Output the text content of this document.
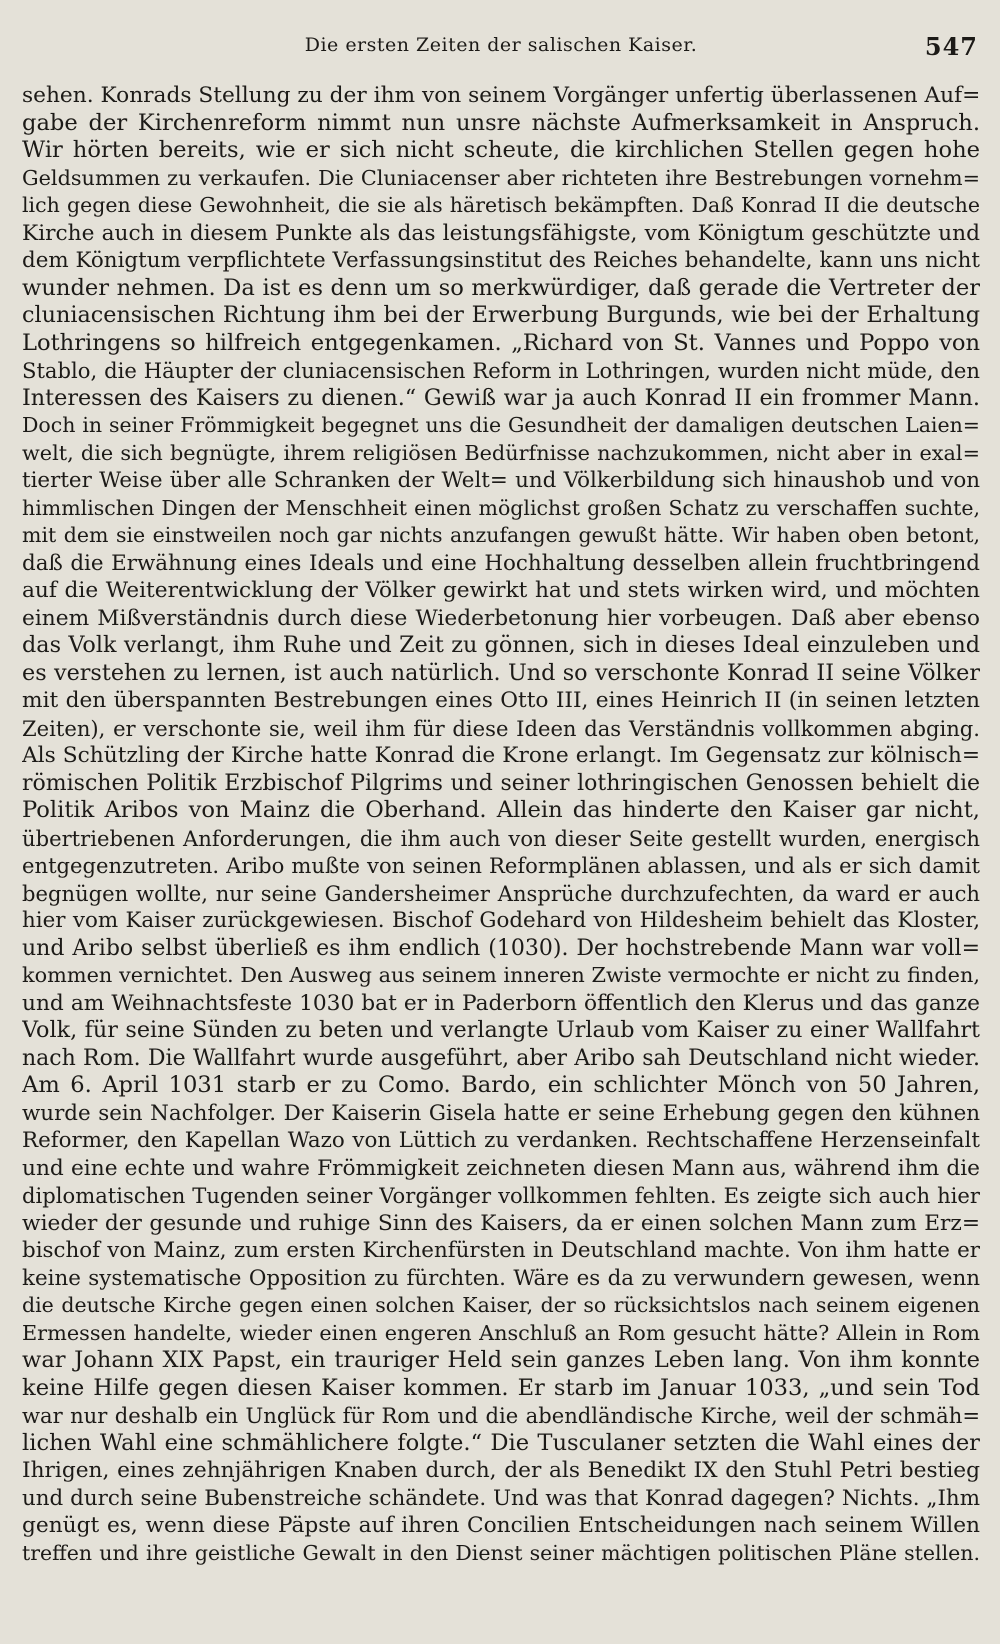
Die ersten Zeiten der salischen Kaiser.	547
sehen. Konrads Stellung zu der ihm von seinem Vorgänger unfertig überlassenen Auf=
gabe der Kirchenreform nimmt nun unsre nächste Aufmerksamkeit in Anspruch.
Wir hörten bereits, wie er sich nicht scheute, die kirchlichen Stellen gegen hohe
Geldsummen zu verkaufen. Die Cluniacenser aber richteten ihre Bestrebungen vornehm=
lich gegen diese Gewohnheit, die sie als häretisch bekämpften. Daß Konrad II die deutsche
Kirche auch in diesem Punkte als das leistungsfähigste, vom Königtum geschützte und
dem Königtum verpflichtete Verfassungsinstitut des Reiches behandelte, kann uns nicht
wunder nehmen. Da ist es denn um so merkwürdiger, daß gerade die Vertreter der
cluniacensischen Richtung ihm bei der Erwerbung Burgunds, wie bei der Erhaltung
Lothringens so hilfreich entgegenkamen. „Richard von St. Vannes und Poppo von
Stablo, die Häupter der cluniacensischen Reform in Lothringen, wurden nicht müde, den
Interessen des Kaisers zu dienen.“ Gewiß war ja auch Konrad II ein frommer Mann.
Doch in seiner Frömmigkeit begegnet uns die Gesundheit der damaligen deutschen Laien=
welt, die sich begnügte, ihrem religiösen Bedürfnisse nachzukommen, nicht aber in exal=
tierter Weise über alle Schranken der Welt= und Völkerbildung sich hinaushob und von
himmlischen Dingen der Menschheit einen möglichst großen Schatz zu verschaffen suchte,
mit dem sie einstweilen noch gar nichts anzufangen gewußt hätte. Wir haben oben betont,
daß die Erwähnung eines Ideals und eine Hochhaltung desselben allein fruchtbringend
auf die Weiterentwicklung der Völker gewirkt hat und stets wirken wird, und möchten
einem Mißverständnis durch diese Wiederbetonung hier vorbeugen. Daß aber ebenso
das Volk verlangt, ihm Ruhe und Zeit zu gönnen, sich in dieses Ideal einzuleben und
es verstehen zu lernen, ist auch natürlich. Und so verschonte Konrad II seine Völker
mit den überspannten Bestrebungen eines Otto III, eines Heinrich II (in seinen letzten
Zeiten), er verschonte sie, weil ihm für diese Ideen das Verständnis vollkommen abging.
Als Schützling der Kirche hatte Konrad die Krone erlangt. Im Gegensatz zur kölnisch=
römischen Politik Erzbischof Pilgrims und seiner lothringischen Genossen behielt die
Politik Aribos von Mainz die Oberhand. Allein das hinderte den Kaiser gar nicht,
übertriebenen Anforderungen, die ihm auch von dieser Seite gestellt wurden, energisch
entgegenzutreten. Aribo mußte von seinen Reformplänen ablassen, und als er sich damit
begnügen wollte, nur seine Gandersheimer Ansprüche durchzufechten, da ward er auch
hier vom Kaiser zurückgewiesen. Bischof Godehard von Hildesheim behielt das Kloster,
und Aribo selbst überließ es ihm endlich (1030). Der hochstrebende Mann war voll=
kommen vernichtet. Den Ausweg aus seinem inneren Zwiste vermochte er nicht zu finden,
und am Weihnachtsfeste 1030 bat er in Paderborn öffentlich den Klerus und das ganze
Volk, für seine Sünden zu beten und verlangte Urlaub vom Kaiser zu einer Wallfahrt
nach Rom. Die Wallfahrt wurde ausgeführt, aber Aribo sah Deutschland nicht wieder.
Am 6. April 1031 starb er zu Como. Bardo, ein schlichter Mönch von 50 Jahren,
wurde sein Nachfolger. Der Kaiserin Gisela hatte er seine Erhebung gegen den kühnen
Reformer, den Kapellan Wazo von Lüttich zu verdanken. Rechtschaffene Herzenseinfalt
und eine echte und wahre Frömmigkeit zeichneten diesen Mann aus, während ihm die
diplomatischen Tugenden seiner Vorgänger vollkommen fehlten. Es zeigte sich auch hier
wieder der gesunde und ruhige Sinn des Kaisers, da er einen solchen Mann zum Erz=
bischof von Mainz, zum ersten Kirchenfürsten in Deutschland machte. Von ihm hatte er
keine systematische Opposition zu fürchten. Wäre es da zu verwundern gewesen, wenn
die deutsche Kirche gegen einen solchen Kaiser, der so rücksichtslos nach seinem eigenen
Ermessen handelte, wieder einen engeren Anschluß an Rom gesucht hätte? Allein in Rom
war Johann XIX Papst, ein trauriger Held sein ganzes Leben lang. Von ihm konnte
keine Hilfe gegen diesen Kaiser kommen. Er starb im Januar 1033, „und sein Tod
war nur deshalb ein Unglück für Rom und die abendländische Kirche, weil der schmäh=
lichen Wahl eine schmählichere folgte.“ Die Tusculaner setzten die Wahl eines der
Ihrigen, eines zehnjährigen Knaben durch, der als Benedikt IX den Stuhl Petri bestieg
und durch seine Bubenstreiche schändete. Und was that Konrad dagegen? Nichts. „Ihm
genügt es, wenn diese Päpste auf ihren Concilien Entscheidungen nach seinem Willen
treffen und ihre geistliche Gewalt in den Dienst seiner mächtigen politischen Pläne stellen.
